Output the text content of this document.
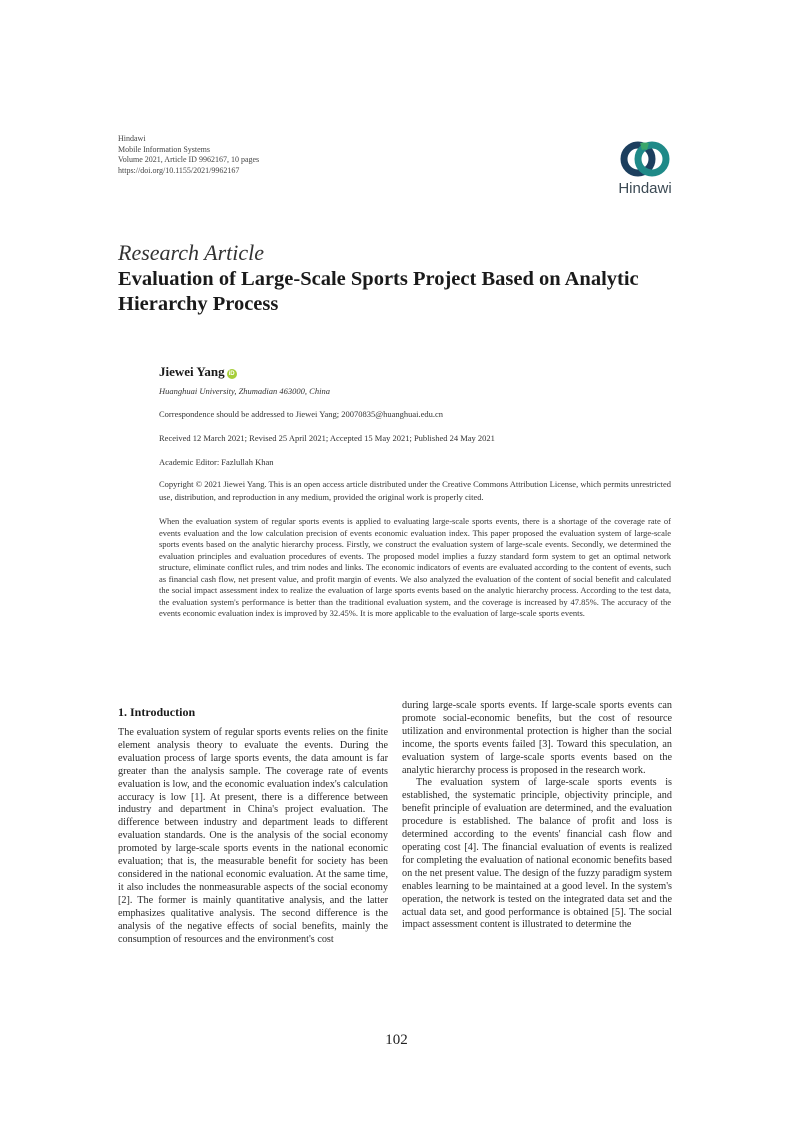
Hindawi
Mobile Information Systems
Volume 2021, Article ID 9962167, 10 pages
https://doi.org/10.1155/2021/9962167
Hindawi
Research Article
Evaluation of Large-Scale Sports Project Based on Analytic Hierarchy Process
Jiewei Yang iD
Huanghuai University, Zhumadian 463000, China
Correspondence should be addressed to Jiewei Yang; 20070835@huanghuai.edu.cn
Received 12 March 2021; Revised 25 April 2021; Accepted 15 May 2021; Published 24 May 2021
Academic Editor: Fazlullah Khan
Copyright © 2021 Jiewei Yang. This is an open access article distributed under the Creative Commons Attribution License, which permits unrestricted use, distribution, and reproduction in any medium, provided the original work is properly cited.
When the evaluation system of regular sports events is applied to evaluating large-scale sports events, there is a shortage of the coverage rate of events evaluation and the low calculation precision of events economic evaluation index. This paper proposed the evaluation system of large-scale sports events based on the analytic hierarchy process. Firstly, we construct the evaluation system of large-scale events. Secondly, we determined the evaluation principles and evaluation procedures of events. The proposed model implies a fuzzy standard form system to get an optimal network structure, eliminate conflict rules, and trim nodes and links. The economic indicators of events are evaluated according to the content of events, such as financial cash flow, net present value, and profit margin of events. We also analyzed the evaluation of the content of social benefit and calculated the social impact assessment index to realize the evaluation of large sports events based on the analytic hierarchy process. According to the test data, the evaluation system's performance is better than the traditional evaluation system, and the coverage is increased by 47.85%. The accuracy of the events economic evaluation index is improved by 32.45%. It is more applicable to the evaluation of large-scale sports events.
1. Introduction

The evaluation system of regular sports events relies on the finite element analysis theory to evaluate the events. During the evaluation process of large sports events, the data amount is far greater than the analysis sample. The coverage rate of events evaluation is low, and the economic evaluation index's calculation accuracy is low [1]. At present, there is a difference between industry and department in China's project evaluation. The difference between industry and department leads to different evaluation standards. One is the analysis of the social economy promoted by large-scale sports events in the national economic evaluation; that is, the measurable benefit for society has been considered in the national economic evaluation. At the same time, it also includes the nonmeasurable aspects of the social economy [2]. The former is mainly quantitative analysis, and the latter emphasizes qualitative analysis. The second difference is the analysis of the negative effects of social benefits, mainly the consumption of resources and the environment's cost

during large-scale sports events. If large-scale sports events can promote social-economic benefits, but the cost of resource utilization and environmental protection is higher than the social income, the sports events failed [3]. Toward this speculation, an evaluation system of large-scale sports events based on the analytic hierarchy process is proposed in the research work.

The evaluation system of large-scale sports events is established, the systematic principle, objectivity principle, and benefit principle of evaluation are determined, and the evaluation procedure is established. The balance of profit and loss is determined according to the events' financial cash flow and operating cost [4]. The financial evaluation of events is realized for completing the evaluation of national economic benefits based on the net present value. The design of the fuzzy paradigm system enables learning to be maintained at a good level. In the system's operation, the network is tested on the integrated data set and the actual data set, and good performance is obtained [5]. The social impact assessment content is illustrated to determine the

102
